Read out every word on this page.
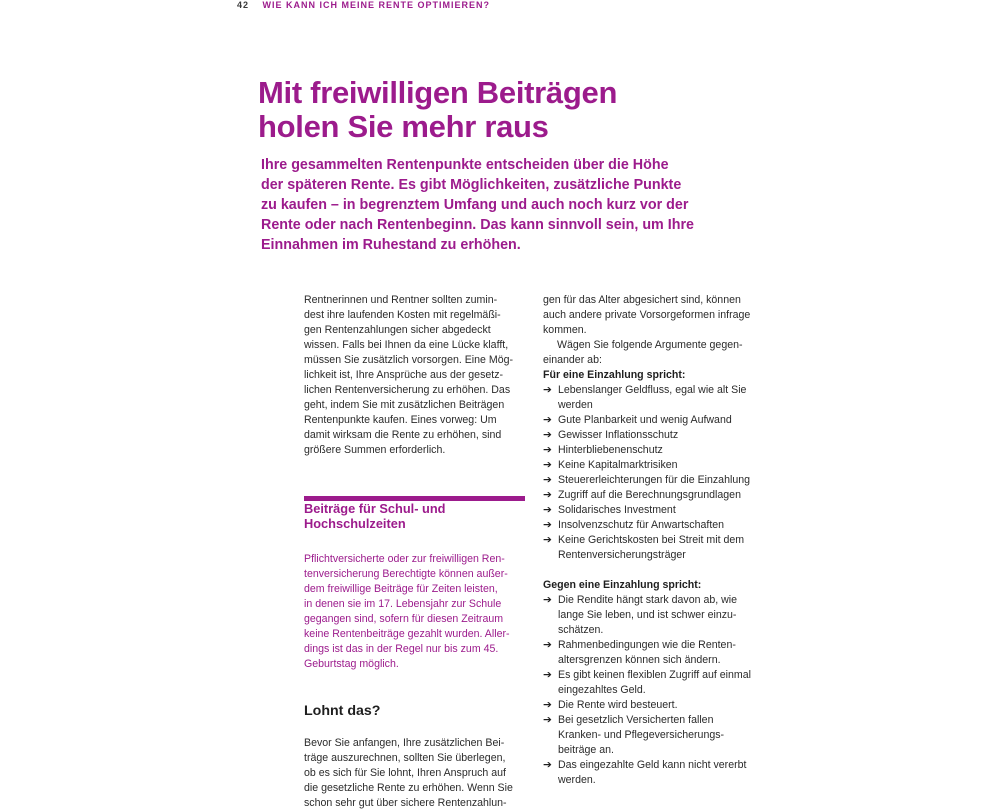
42 WIE KANN ICH MEINE RENTE OPTIMIEREN?
Mit freiwilligen Beiträgen
holen Sie mehr raus

Ihre gesammelten Rentenpunkte entscheiden über die Höhe
der späteren Rente. Es gibt Möglichkeiten, zusätzliche Punkte
zu kaufen – in begrenztem Umfang und auch noch kurz vor der
Rente oder nach Rentenbeginn. Das kann sinnvoll sein, um Ihre
Einnahmen im Ruhestand zu erhöhen.

Rentnerinnen und Rentner sollten zumin-
dest ihre laufenden Kosten mit regelmäßi-
gen Rentenzahlungen sicher abgedeckt
wissen. Falls bei Ihnen da eine Lücke klafft,
müssen Sie zusätzlich vorsorgen. Eine Mög-
lichkeit ist, Ihre Ansprüche aus der gesetz-
lichen Rentenversicherung zu erhöhen. Das
geht, indem Sie mit zusätzlichen Beiträgen
Rentenpunkte kaufen. Eines vorweg: Um
damit wirksam die Rente zu erhöhen, sind
größere Summen erforderlich.

Beiträge für Schul- und
Hochschulzeiten

Pflichtversicherte oder zur freiwilligen Ren-
tenversicherung Berechtigte können außer-
dem freiwillige Beiträge für Zeiten leisten,
in denen sie im 17. Lebensjahr zur Schule
gegangen sind, sofern für diesen Zeitraum
keine Rentenbeiträge gezahlt wurden. Aller-
dings ist das in der Regel nur bis zum 45.
Geburtstag möglich.

Lohnt das?

Bevor Sie anfangen, Ihre zusätzlichen Bei-
träge auszurechnen, sollten Sie überlegen,
ob es sich für Sie lohnt, Ihren Anspruch auf
die gesetzliche Rente zu erhöhen. Wenn Sie
schon sehr gut über sichere Rentenzahlun-

gen für das Alter abgesichert sind, können
auch andere private Vorsorgeformen infrage
kommen.

Wägen Sie folgende Argumente gegen-
einander ab:

Für eine Einzahlung spricht:

➔ Lebenslanger Geldfluss, egal wie alt Sie
werden
➔ Gute Planbarkeit und wenig Aufwand
➔ Gewisser Inflationsschutz
➔ Hinterbliebenenschutz
➔ Keine Kapitalmarktrisiken
➔ Steuererleichterungen für die Einzahlung
➔ Zugriff auf die Berechnungsgrundlagen
➔ Solidarisches Investment
➔ Insolvenzschutz für Anwartschaften
➔ Keine Gerichtskosten bei Streit mit dem
Rentenversicherungsträger

Gegen eine Einzahlung spricht:

➔ Die Rendite hängt stark davon ab, wie
lange Sie leben, und ist schwer einzu-
schätzen.
➔ Rahmenbedingungen wie die Renten-
altersgrenzen können sich ändern.
➔ Es gibt keinen flexiblen Zugriff auf einmal
eingezahltes Geld.
➔ Die Rente wird besteuert.
➔ Bei gesetzlich Versicherten fallen
Kranken- und Pflegeversicherungs-
beiträge an.
➔ Das eingezahlte Geld kann nicht vererbt
werden.
